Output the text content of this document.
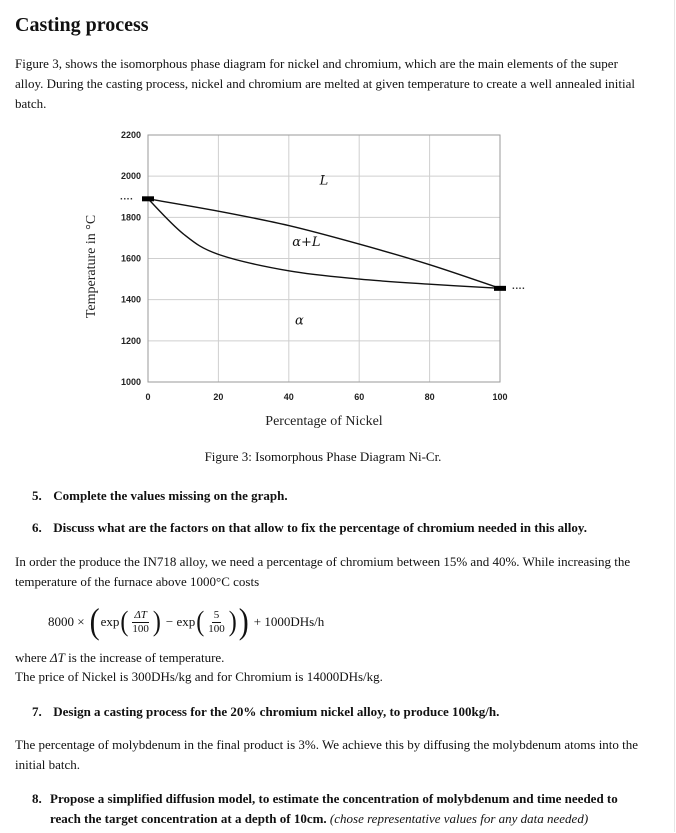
Casting process

Figure 3, shows the isomorphous phase diagram for nickel and chromium, which are the main elements of the super alloy. During the casting process, nickel and chromium are melted at given temperature to create a well annealed initial batch.

1000
1200
1400
1600
1800
2000
2200
0	20	40	60	80	100
Percentage of Nickel
Temperature in °C
····
····
L
α+L
α
Figure 3: Isomorphous Phase Diagram Ni-Cr.
5. Complete the values missing on the graph.
6. Discuss what are the factors on that allow to fix the percentage of chromium needed in this alloy.

In order the produce the IN718 alloy, we need a percentage of chromium between 15% and 40%. While increasing the temperature of the furnace above 1000°C costs

8000 × ( exp ( $\frac{\Delta T}{100}$ ) − exp ( $\frac{5}{100}$ ) ) + 1000DHs/h

where ΔT is the increase of temperature.

The price of Nickel is 300DHs/kg and for Chromium is 14000DHs/kg.

7. Design a casting process for the 20% chromium nickel alloy, to produce 100kg/h.

The percentage of molybdenum in the final product is 3%. We achieve this by diffusing the molybdenum atoms into the initial batch.

8. Propose a simplified diffusion model, to estimate the concentration of molybdenum and time needed to reach the target concentration at a depth of 10cm. (chose representative values for any data needed)
